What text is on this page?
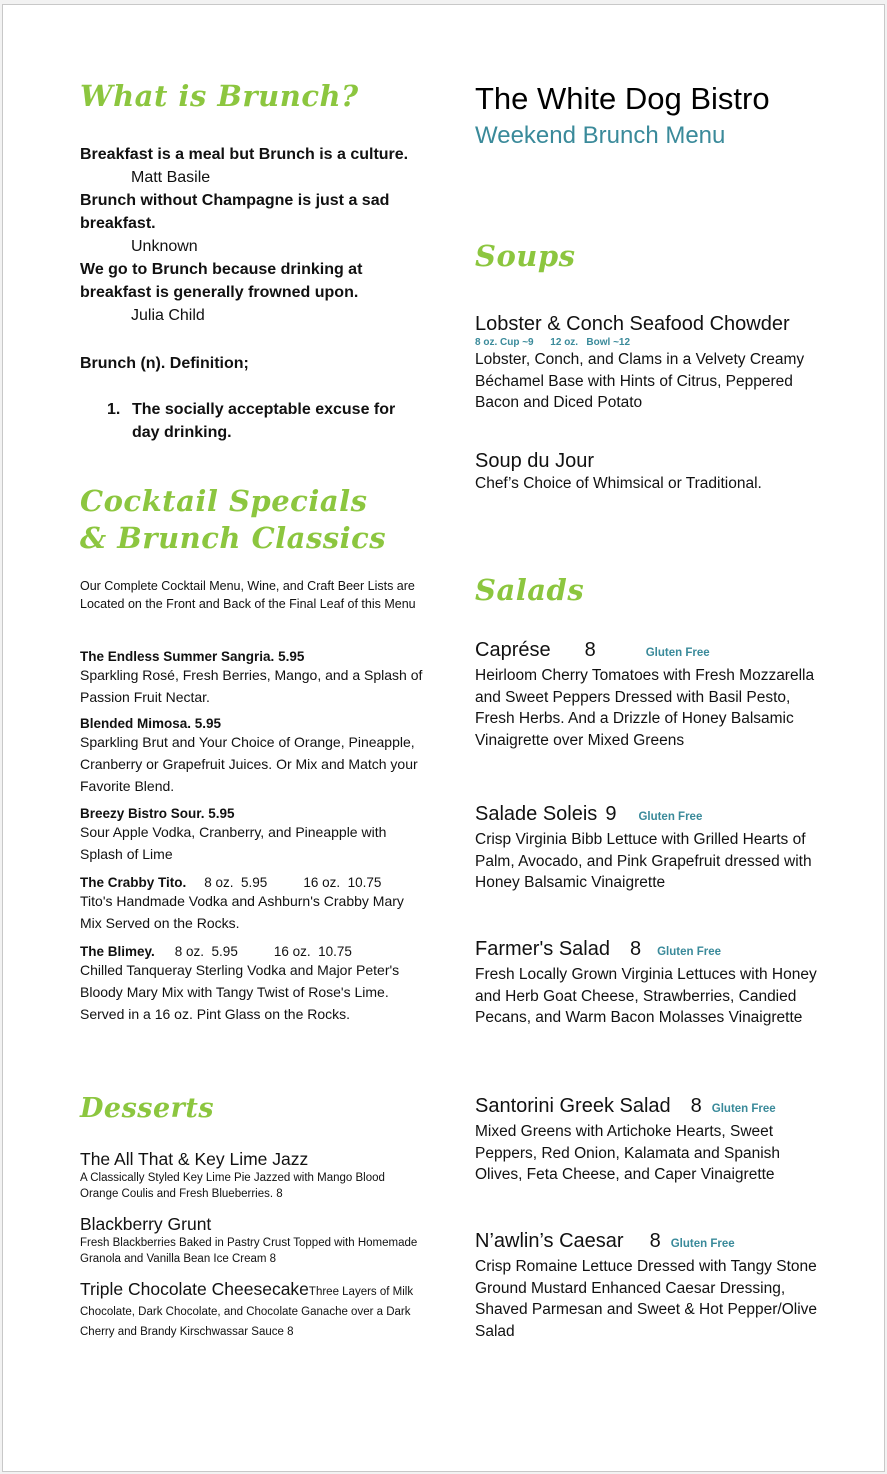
What is Brunch?
Breakfast is a meal but Brunch is a culture.
Matt Basile
Brunch without Champagne is just a sad breakfast.
Unknown
We go to Brunch because drinking at breakfast is generally frowned upon.
Julia Child
Brunch (n). Definition;
1. The socially acceptable excuse for day drinking.
Cocktail Specials
& Brunch Classics
Our Complete Cocktail Menu, Wine, and Craft Beer Lists are Located on the Front and Back of the Final Leaf of this Menu
The Endless Summer Sangria. 5.95
Sparkling Rosé, Fresh Berries, Mango, and a Splash of Passion Fruit Nectar.
Blended Mimosa. 5.95
Sparkling Brut and Your Choice of Orange, Pineapple, Cranberry or Grapefruit Juices. Or Mix and Match your Favorite Blend.
Breezy Bistro Sour. 5.95
Sour Apple Vodka, Cranberry, and Pineapple with Splash of Lime
The Crabby Tito. 8 oz.  5.95	16 oz.  10.75
Tito's Handmade Vodka and Ashburn's Crabby Mary Mix Served on the Rocks.
The Blimey. 8 oz.  5.95	16 oz.  10.75
Chilled Tanqueray Sterling Vodka and Major Peter's Bloody Mary Mix with Tangy Twist of Rose's Lime. Served in a 16 oz. Pint Glass on the Rocks.
Desserts
The All That & Key Lime Jazz
A Classically Styled Key Lime Pie Jazzed with Mango Blood Orange Coulis and Fresh Blueberries. 8
Blackberry Grunt
Fresh Blackberries Baked in Pastry Crust Topped with Homemade Granola and Vanilla Bean Ice Cream 8
Triple Chocolate CheesecakeThree Layers of Milk Chocolate, Dark Chocolate, and Chocolate Ganache over a Dark Cherry and Brandy Kirschwassar Sauce 8
The White Dog Bistro
Weekend Brunch Menu
Soups
Lobster & Conch Seafood Chowder
8 oz. Cup ~9      12 oz.   Bowl ~12
Lobster, Conch, and Clams in a Velvety Creamy Béchamel Base with Hints of Citrus, Peppered Bacon and Diced Potato
Soup du Jour
Chef’s Choice of Whimsical or Traditional.
Salads
Caprése 8	Gluten Free
Heirloom Cherry Tomatoes with Fresh Mozzarella and Sweet Peppers Dressed with Basil Pesto, Fresh Herbs. And a Drizzle of Honey Balsamic Vinaigrette over Mixed Greens
Salade Soleis 9 Gluten Free
Crisp Virginia Bibb Lettuce with Grilled Hearts of Palm, Avocado, and Pink Grapefruit dressed with Honey Balsamic Vinaigrette
Farmer's Salad 8 Gluten Free
Fresh Locally Grown Virginia Lettuces with Honey and Herb Goat Cheese, Strawberries, Candied Pecans, and Warm Bacon Molasses Vinaigrette
Santorini Greek Salad 8 Gluten Free
Mixed Greens with Artichoke Hearts, Sweet Peppers, Red Onion, Kalamata and Spanish Olives, Feta Cheese, and Caper Vinaigrette
N’awlin’s Caesar 8 Gluten Free
Crisp Romaine Lettuce Dressed with Tangy Stone Ground Mustard Enhanced Caesar Dressing, Shaved Parmesan and Sweet & Hot Pepper/Olive Salad
